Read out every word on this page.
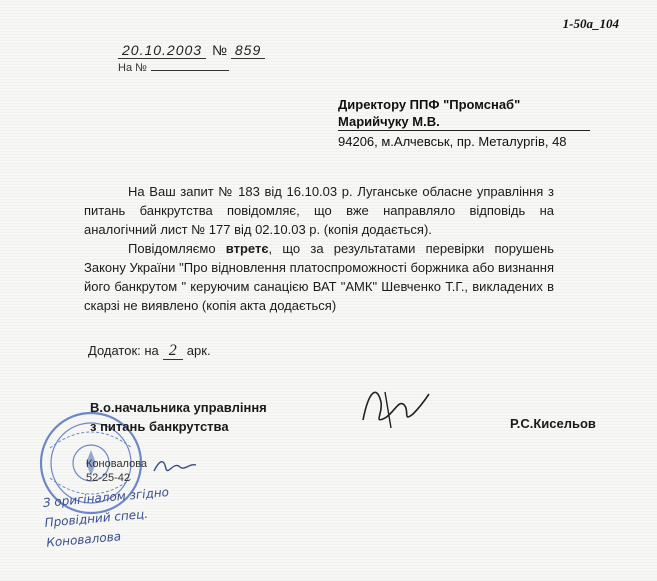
1-50а_104
20.10.2003 № 859
На №
Директору ППФ "Промснаб"
Марийчуку М.В.
94206, м.Алчевськ, пр. Металургів, 48

На Ваш запит № 183 від 16.10.03 р. Луганське обласне управління з питань банкрутства повідомляє, що вже направляло відповідь на аналогічний лист № 177 від 02.10.03 р. (копія додається).

Повідомляємо втретє, що за результатами перевірки порушень Закону України "Про відновлення платоспроможності боржника або визнання його банкрутом " керуючим санацією ВАТ "АМК" Шевченко Т.Г., викладених в скарзі не виявлено (копія акта додається)

Додаток: на 2 арк.
В.о.начальника управління
з питань банкрутства	Р.С.Кисельов
Коновалова
52-25-42
З оригіналом згідно
Провідний спец.
Коновалова
